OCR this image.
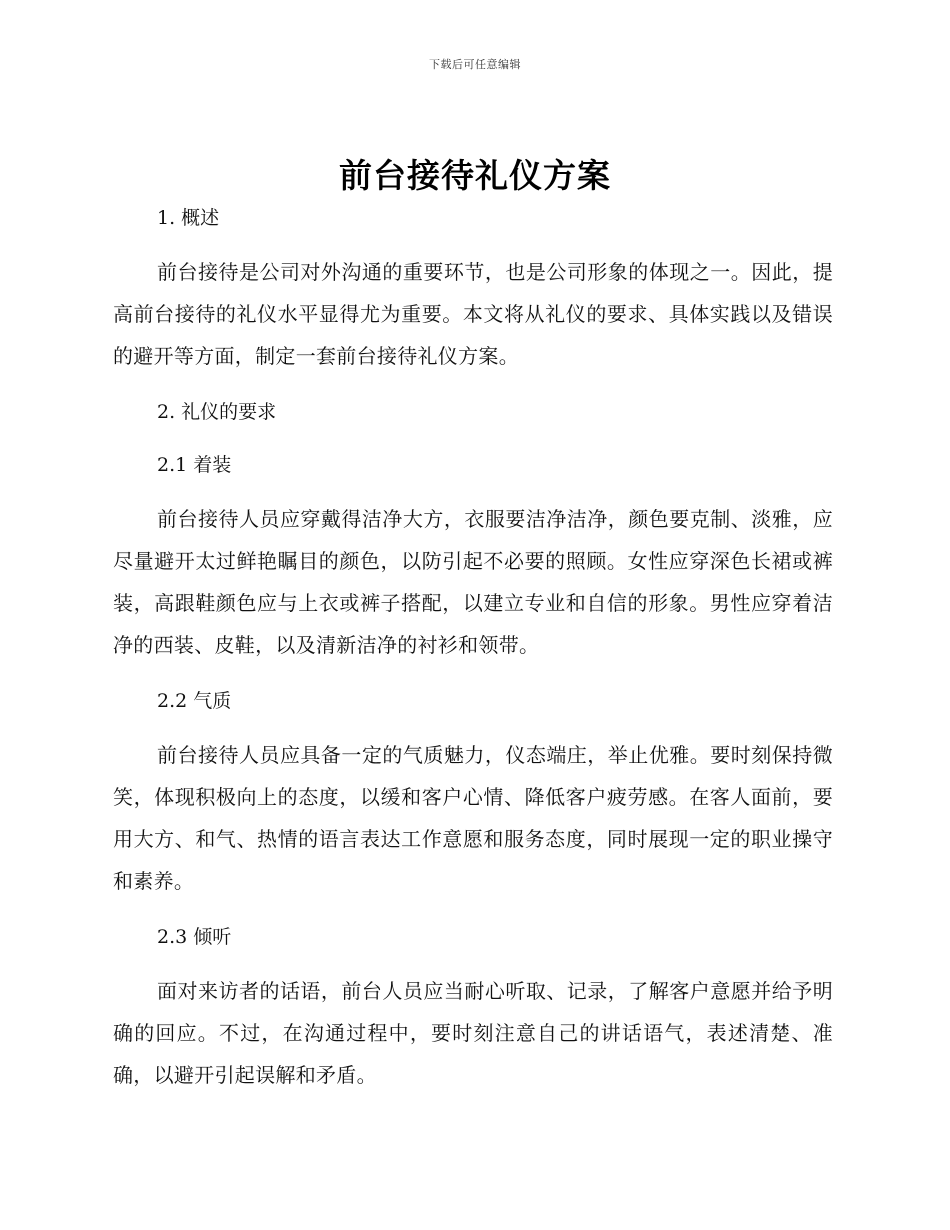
下载后可任意编辑
前台接待礼仪方案

1. 概述

前台接待是公司对外沟通的重要环节，也是公司形象的体现之一。因此，提高前台接待的礼仪水平显得尤为重要。本文将从礼仪的要求、具体实践以及错误的避开等方面，制定一套前台接待礼仪方案。

2. 礼仪的要求

2.1 着装

前台接待人员应穿戴得洁净大方，衣服要洁净洁净，颜色要克制、淡雅，应尽量避开太过鲜艳瞩目的颜色，以防引起不必要的照顾。女性应穿深色长裙或裤装，高跟鞋颜色应与上衣或裤子搭配，以建立专业和自信的形象。男性应穿着洁净的西装、皮鞋，以及清新洁净的衬衫和领带。

2.2 气质

前台接待人员应具备一定的气质魅力，仪态端庄，举止优雅。要时刻保持微笑，体现积极向上的态度，以缓和客户心情、降低客户疲劳感。在客人面前，要用大方、和气、热情的语言表达工作意愿和服务态度，同时展现一定的职业操守和素养。

2.3 倾听

面对来访者的话语，前台人员应当耐心听取、记录，了解客户意愿并给予明确的回应。不过，在沟通过程中，要时刻注意自己的讲话语气，表述清楚、准确，以避开引起误解和矛盾。
